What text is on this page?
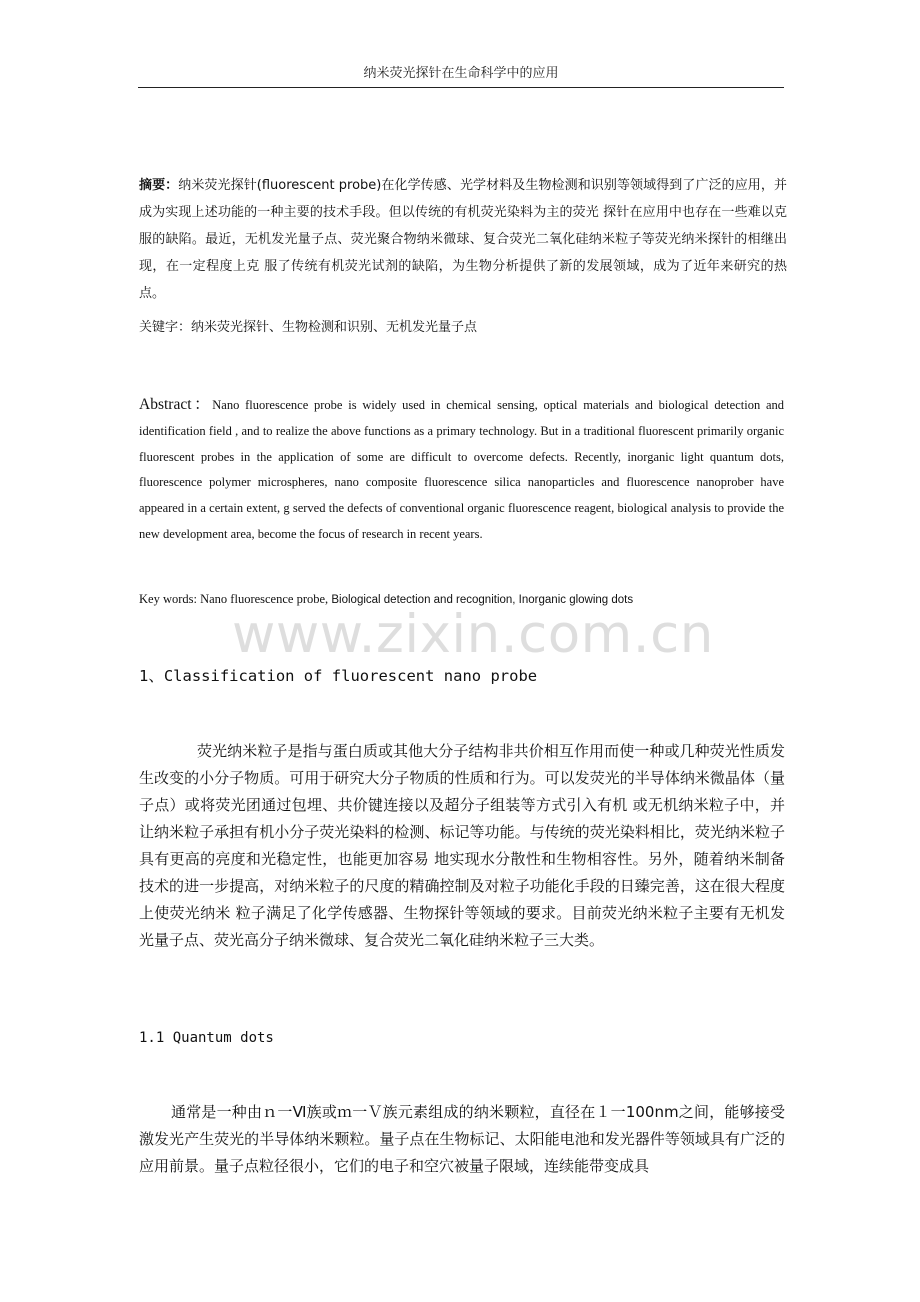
纳米荧光探针在生命科学中的应用
摘要：纳米荧光探针(fluorescent probe)在化学传感、光学材料及生物检测和识别等领域得到了广泛的应用，并成为实现上述功能的一种主要的技术手段。但以传统的有机荧光染料为主的荧光 探针在应用中也存在一些难以克服的缺陷。最近，无机发光量子点、荧光聚合物纳米微球、复合荧光二氧化硅纳米粒子等荧光纳米探针的相继出现，在一定程度上克 服了传统有机荧光试剂的缺陷，为生物分析提供了新的发展领域，成为了近年来研究的热点。
关键字：纳米荧光探针、生物检测和识别、无机发光量子点
Abstract：Nano fluorescence probe is widely used in chemical sensing, optical materials and biological detection and identification field , and to realize the above functions as a primary technology. But in a traditional fluorescent primarily organic fluorescent probes in the application of some are difficult to overcome defects. Recently, inorganic light quantum dots, fluorescence polymer microspheres, nano composite fluorescence silica nanoparticles and fluorescence nanoprober have appeared in a certain extent, g served the defects of conventional organic fluorescence reagent, biological analysis to provide the new development area, become the focus of research in recent years.
Key words: Nano fluorescence probe, Biological detection and recognition, Inorganic glowing dots
www.zixin.com.cn
1、Classification of fluorescent nano probe
荧光纳米粒子是指与蛋白质或其他大分子结构非共价相互作用而使一种或几种荧光性质发生改变的小分子物质。可用于研究大分子物质的性质和行为。可以发荧光的半导体纳米微晶体（量子点）或将荧光团通过包埋、共价键连接以及超分子组装等方式引入有机 或无机纳米粒子中，并让纳米粒子承担有机小分子荧光染料的检测、标记等功能。与传统的荧光染料相比，荧光纳米粒子具有更高的亮度和光稳定性，也能更加容易 地实现水分散性和生物相容性。另外，随着纳米制备技术的进一步提高，对纳米粒子的尺度的精确控制及对粒子功能化手段的日臻完善，这在很大程度上使荧光纳米 粒子满足了化学传感器、生物探针等领域的要求。目前荧光纳米粒子主要有无机发光量子点、荧光高分子纳米微球、复合荧光二氧化硅纳米粒子三大类。
1.1 Quantum dots
通常是一种由ｎ一Ⅵ族或ｍ一Ｖ族元素组成的纳米颗粒，直径在１一100nm之间，能够接受激发光产生荧光的半导体纳米颗粒。量子点在生物标记、太阳能电池和发光器件等领域具有广泛的应用前景。量子点粒径很小，它们的电子和空穴被量子限域，连续能带变成具
